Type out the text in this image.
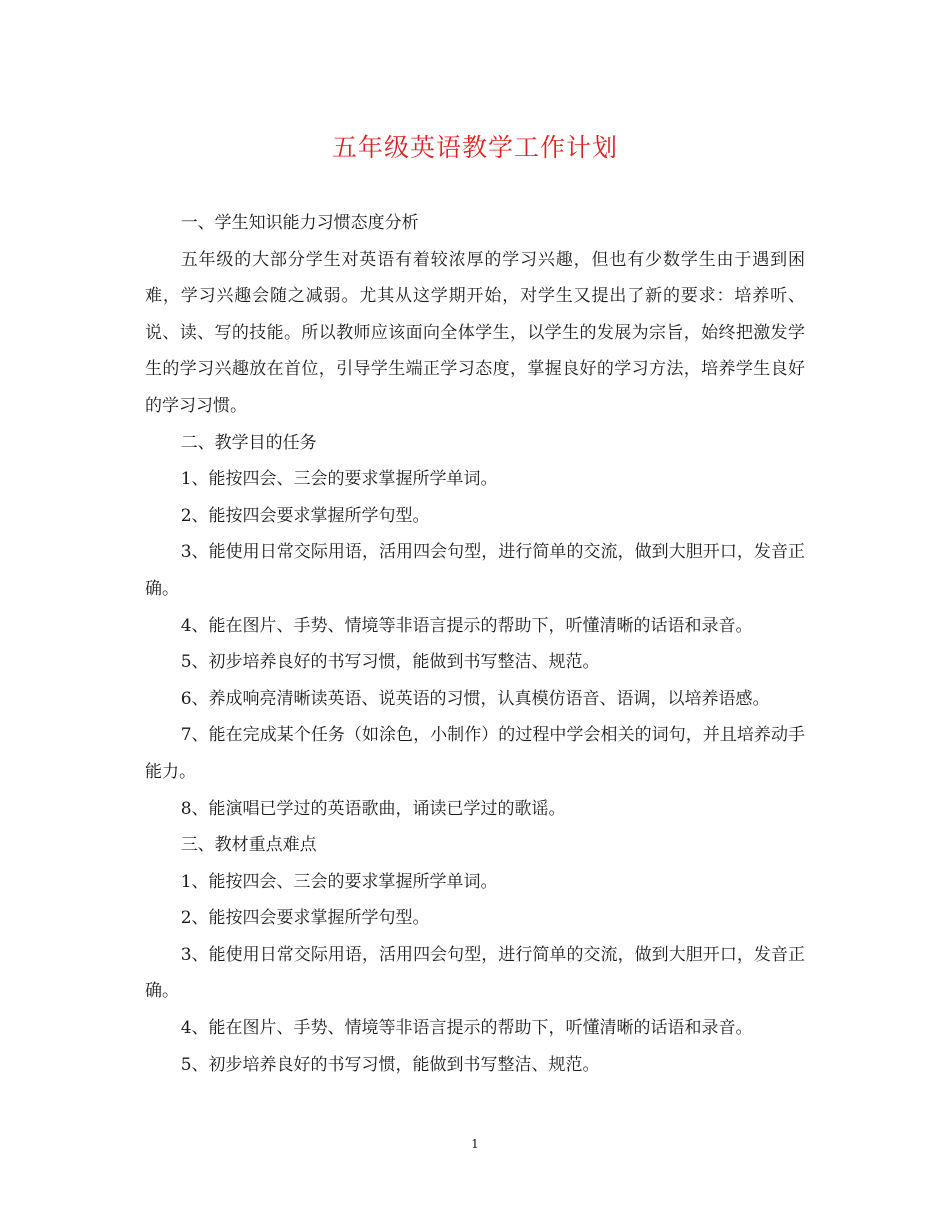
五年级英语教学工作计划

一、学生知识能力习惯态度分析

五年级的大部分学生对英语有着较浓厚的学习兴趣，但也有少数学生由于遇到困难，学习兴趣会随之减弱。尤其从这学期开始，对学生又提出了新的要求：培养听、说、读、写的技能。所以教师应该面向全体学生，以学生的发展为宗旨，始终把激发学生的学习兴趣放在首位，引导学生端正学习态度，掌握良好的学习方法，培养学生良好的学习习惯。

二、教学目的任务

1、能按四会、三会的要求掌握所学单词。

2、能按四会要求掌握所学句型。

3、能使用日常交际用语，活用四会句型，进行简单的交流，做到大胆开口，发音正确。

4、能在图片、手势、情境等非语言提示的帮助下，听懂清晰的话语和录音。

5、初步培养良好的书写习惯，能做到书写整洁、规范。

6、养成响亮清晰读英语、说英语的习惯，认真模仿语音、语调，以培养语感。

7、能在完成某个任务（如涂色，小制作）的过程中学会相关的词句，并且培养动手能力。

8、能演唱已学过的英语歌曲，诵读已学过的歌谣。

三、教材重点难点

1、能按四会、三会的要求掌握所学单词。

2、能按四会要求掌握所学句型。

3、能使用日常交际用语，活用四会句型，进行简单的交流，做到大胆开口，发音正确。

4、能在图片、手势、情境等非语言提示的帮助下，听懂清晰的话语和录音。

5、初步培养良好的书写习惯，能做到书写整洁、规范。

1
